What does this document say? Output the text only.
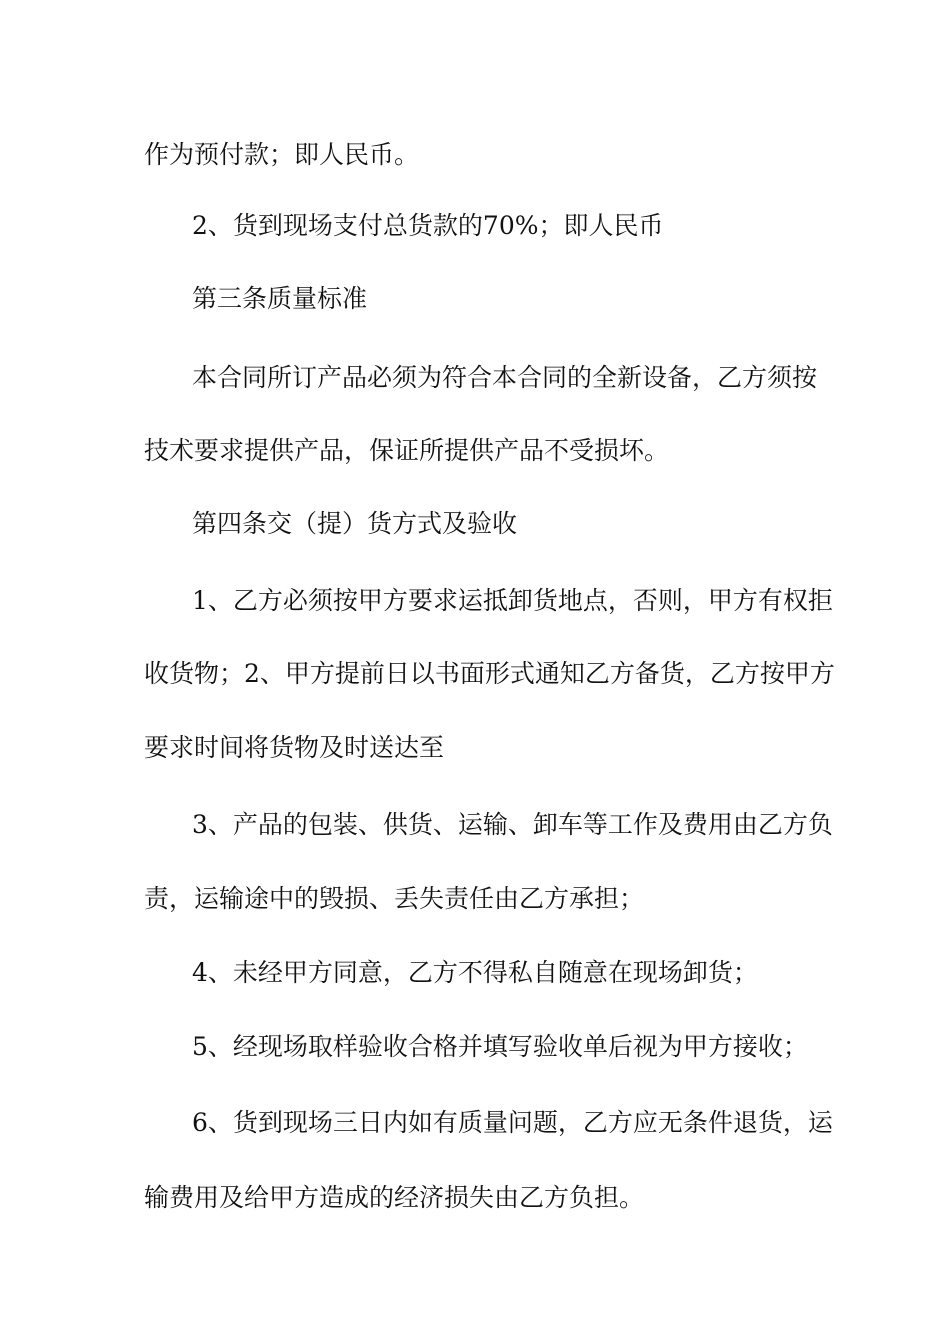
作为预付款；即人民币。
2、货到现场支付总货款的70%；即人民币
第三条质量标准
本合同所订产品必须为符合本合同的全新设备，乙方须按
技术要求提供产品，保证所提供产品不受损坏。
第四条交（提）货方式及验收
1、乙方必须按甲方要求运抵卸货地点，否则，甲方有权拒
收货物；2、甲方提前日以书面形式通知乙方备货，乙方按甲方
要求时间将货物及时送达至
3、产品的包装、供货、运输、卸车等工作及费用由乙方负
责，运输途中的毁损、丢失责任由乙方承担；
4、未经甲方同意，乙方不得私自随意在现场卸货；
5、经现场取样验收合格并填写验收单后视为甲方接收；
6、货到现场三日内如有质量问题，乙方应无条件退货，运
输费用及给甲方造成的经济损失由乙方负担。
